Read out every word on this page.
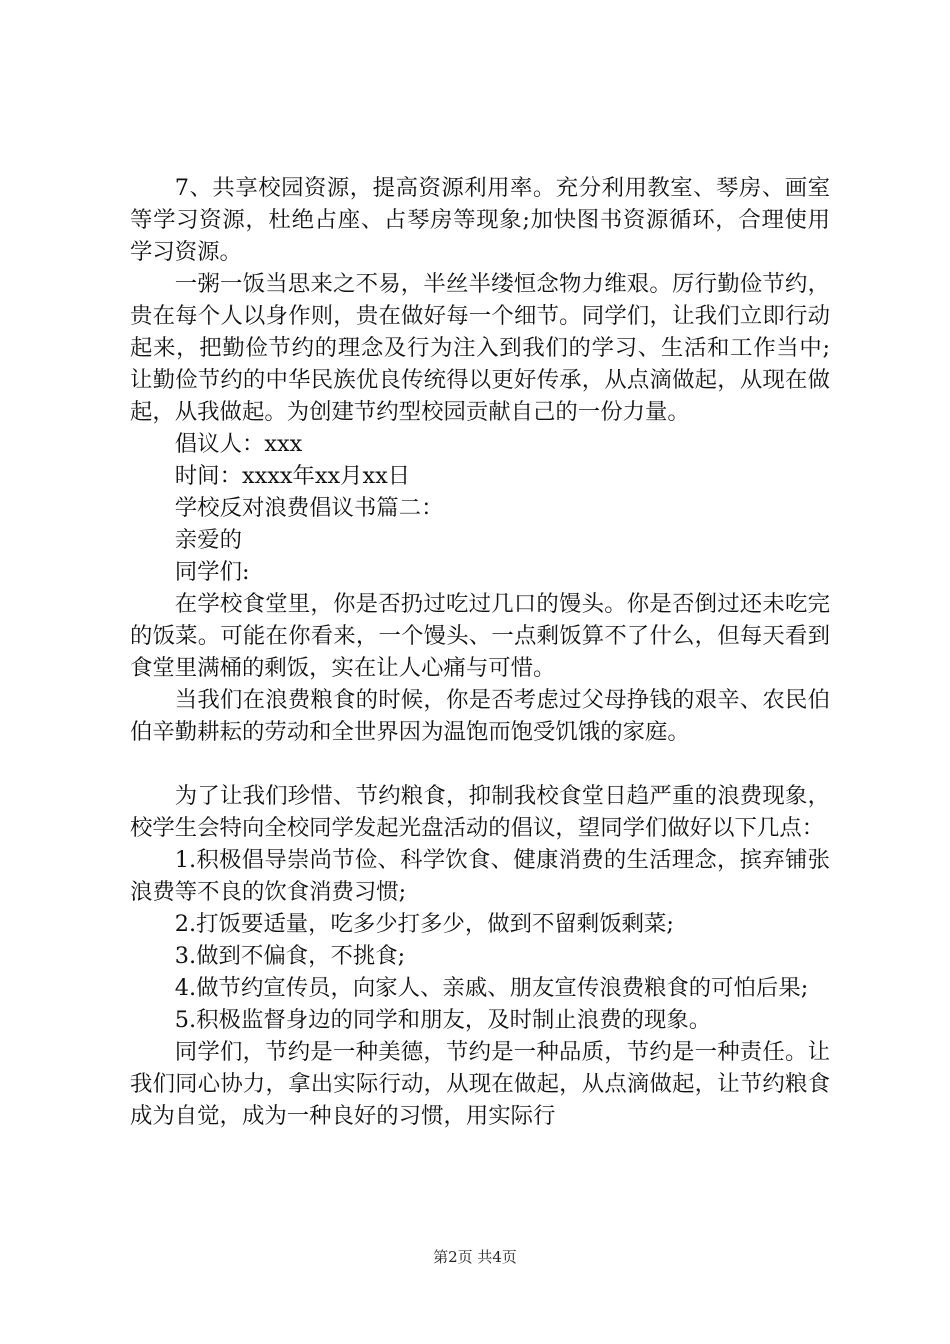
7、共享校园资源，提高资源利用率。充分利用教室、琴房、画室等学习资源，杜绝占座、占琴房等现象;加快图书资源循环，合理使用学习资源。

一粥一饭当思来之不易，半丝半缕恒念物力维艰。厉行勤俭节约，贵在每个人以身作则，贵在做好每一个细节。同学们，让我们立即行动起来，把勤俭节约的理念及行为注入到我们的学习、生活和工作当中;让勤俭节约的中华民族优良传统得以更好传承，从点滴做起，从现在做起，从我做起。为创建节约型校园贡献自己的一份力量。

倡议人：xxx

时间：xxxx年xx月xx日

学校反对浪费倡议书篇二：

亲爱的

同学们:

在学校食堂里，你是否扔过吃过几口的馒头。你是否倒过还未吃完的饭菜。可能在你看来，一个馒头、一点剩饭算不了什么，但每天看到食堂里满桶的剩饭，实在让人心痛与可惜。

当我们在浪费粮食的时候，你是否考虑过父母挣钱的艰辛、农民伯伯辛勤耕耘的劳动和全世界因为温饱而饱受饥饿的家庭。

为了让我们珍惜、节约粮食，抑制我校食堂日趋严重的浪费现象，校学生会特向全校同学发起光盘活动的倡议，望同学们做好以下几点：

1.积极倡导崇尚节俭、科学饮食、健康消费的生活理念，摈弃铺张浪费等不良的饮食消费习惯;

2.打饭要适量，吃多少打多少，做到不留剩饭剩菜;

3.做到不偏食，不挑食;

4.做节约宣传员，向家人、亲戚、朋友宣传浪费粮食的可怕后果;

5.积极监督身边的同学和朋友，及时制止浪费的现象。

同学们，节约是一种美德，节约是一种品质，节约是一种责任。让我们同心协力，拿出实际行动，从现在做起，从点滴做起，让节约粮食成为自觉，成为一种良好的习惯，用实际行

第2页 共4页
